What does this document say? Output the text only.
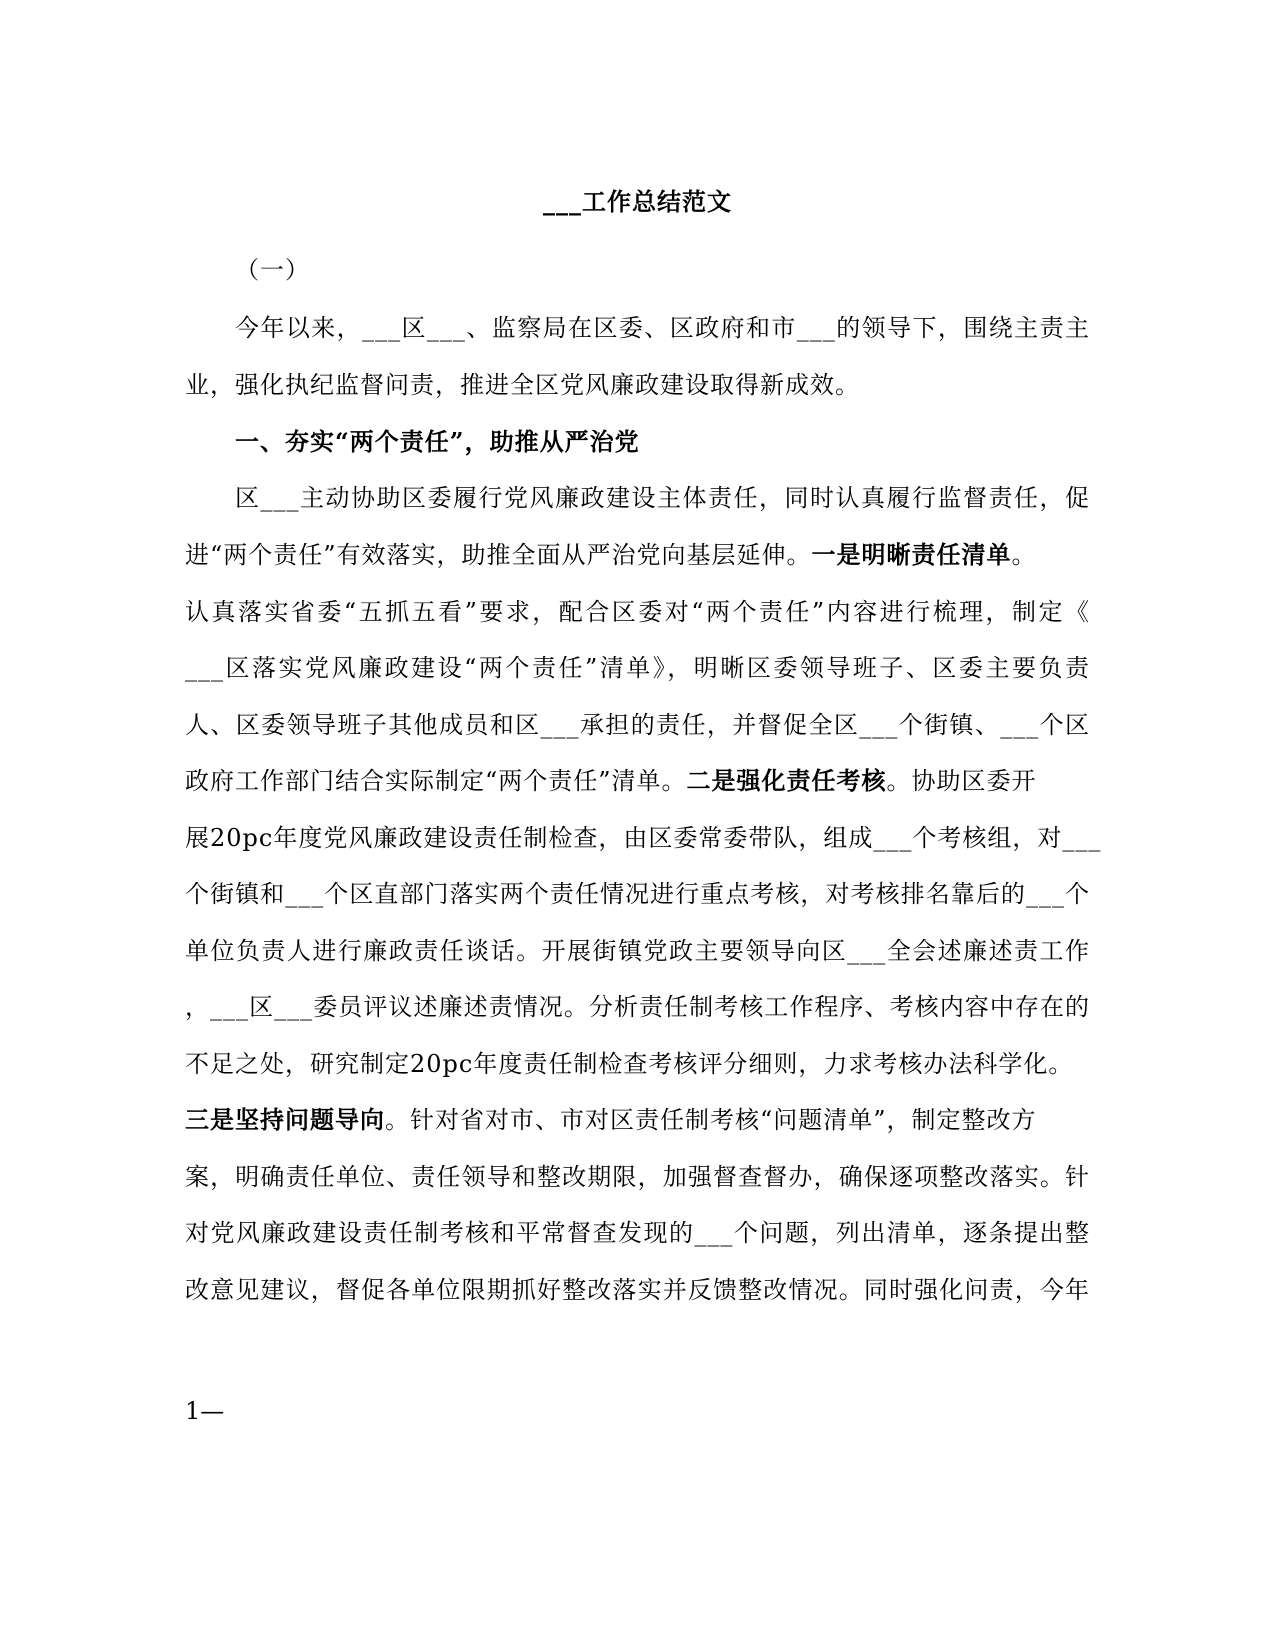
___工作总结范文
（一）
今年以来，___区___、监察局在区委、区政府和市___的领导下，围绕主责主
业，强化执纪监督问责，推进全区党风廉政建设取得新成效。
一、夯实“两个责任”，助推从严治党
区___主动协助区委履行党风廉政建设主体责任，同时认真履行监督责任，促
进“两个责任”有效落实，助推全面从严治党向基层延伸。一是明晰责任清单。
认真落实省委“五抓五看”要求，配合区委对“两个责任”内容进行梳理，制定《
___区落实党风廉政建设“两个责任”清单》，明晰区委领导班子、区委主要负责
人、区委领导班子其他成员和区___承担的责任，并督促全区___个街镇、___个区
政府工作部门结合实际制定“两个责任”清单。二是强化责任考核。协助区委开
展20pc年度党风廉政建设责任制检查，由区委常委带队，组成___个考核组，对___
个街镇和___个区直部门落实两个责任情况进行重点考核，对考核排名靠后的___个
单位负责人进行廉政责任谈话。开展街镇党政主要领导向区___全会述廉述责工作
，___区___委员评议述廉述责情况。分析责任制考核工作程序、考核内容中存在的
不足之处，研究制定20pc年度责任制检查考核评分细则，力求考核办法科学化。
三是坚持问题导向。针对省对市、市对区责任制考核“问题清单”，制定整改方
案，明确责任单位、责任领导和整改期限，加强督查督办，确保逐项整改落实。针
对党风廉政建设责任制考核和平常督查发现的___个问题，列出清单，逐条提出整
改意见建议，督促各单位限期抓好整改落实并反馈整改情况。同时强化问责，今年
1—
